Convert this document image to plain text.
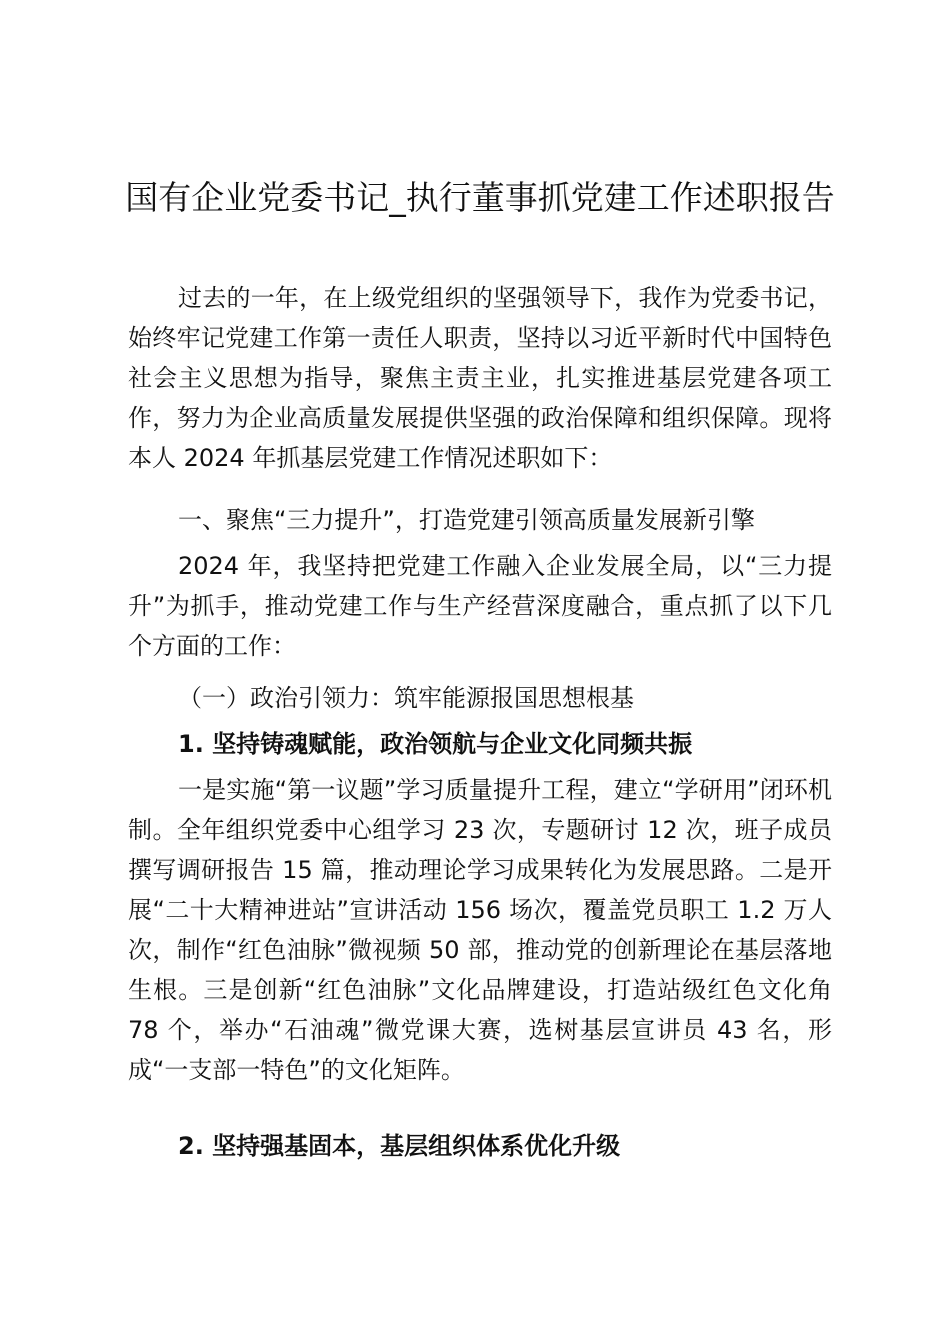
国有企业党委书记_执行董事抓党建工作述职报告

过去的一年，在上级党组织的坚强领导下，我作为党委书记，始终牢记党建工作第一责任人职责，坚持以习近平新时代中国特色社会主义思想为指导，聚焦主责主业，扎实推进基层党建各项工作，努力为企业高质量发展提供坚强的政治保障和组织保障。现将本人 2024 年抓基层党建工作情况述职如下：

一、聚焦“三力提升”，打造党建引领高质量发展新引擎

2024 年，我坚持把党建工作融入企业发展全局，以“三力提升”为抓手，推动党建工作与生产经营深度融合，重点抓了以下几个方面的工作：

（一）政治引领力：筑牢能源报国思想根基

1. 坚持铸魂赋能，政治领航与企业文化同频共振

一是实施“第一议题”学习质量提升工程，建立“学研用”闭环机制。全年组织党委中心组学习 23 次，专题研讨 12 次，班子成员撰写调研报告 15 篇，推动理论学习成果转化为发展思路。二是开展“二十大精神进站”宣讲活动 156 场次，覆盖党员职工 1.2 万人次，制作“红色油脉”微视频 50 部，推动党的创新理论在基层落地生根。三是创新“红色油脉”文化品牌建设，打造站级红色文化角 78 个，举办“石油魂”微党课大赛，选树基层宣讲员 43 名，形成“一支部一特色”的文化矩阵。

2. 坚持强基固本，基层组织体系优化升级
